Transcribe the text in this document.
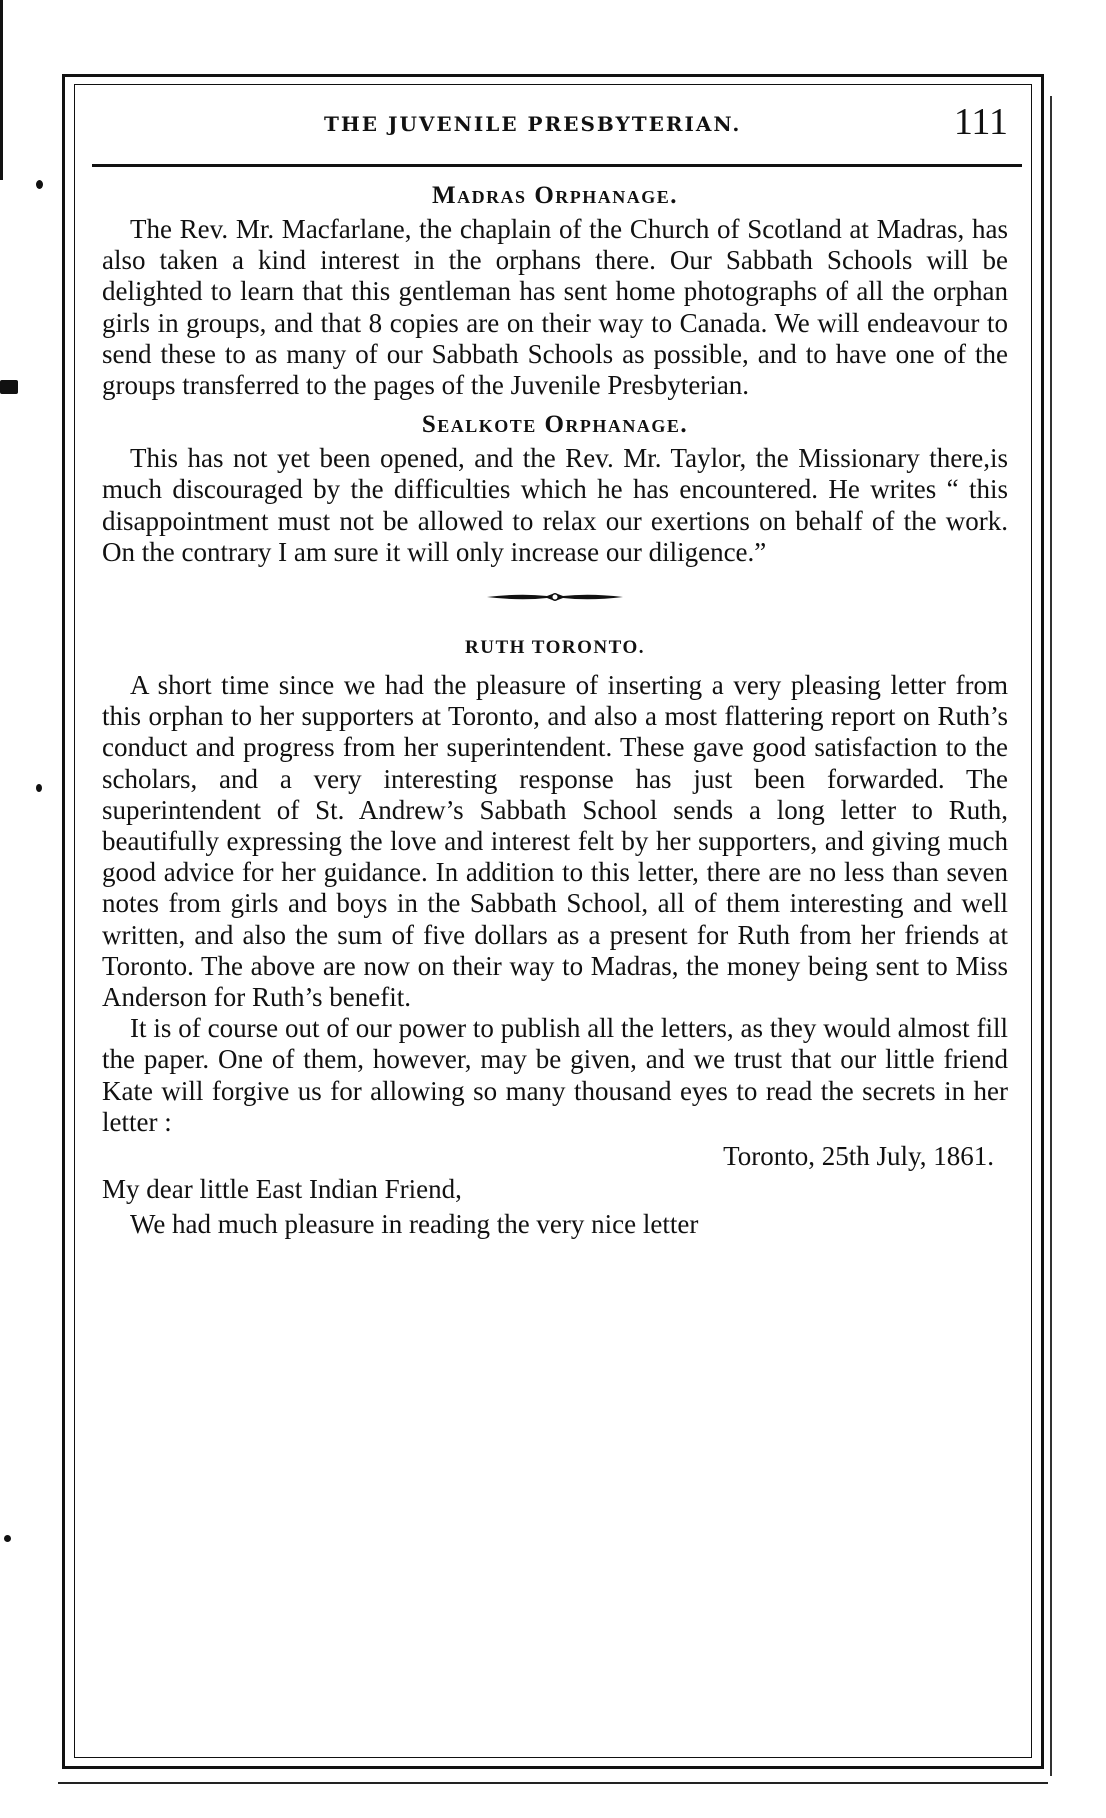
THE JUVENILE PRESBYTERIAN.	111
Madras Orphanage.

The Rev. Mr. Macfarlane, the chaplain of the Church of Scotland at Madras, has also taken a kind interest in the orphans there. Our Sabbath Schools will be delighted to learn that this gentleman has sent home photographs of all the orphan girls in groups, and that 8 copies are on their way to Canada. We will endeavour to send these to as many of our Sabbath Schools as possible, and to have one of the groups transferred to the pages of the Juvenile Presbyterian.

Sealkote Orphanage.

This has not yet been opened, and the Rev. Mr. Taylor, the Missionary there,is much discouraged by the difficulties which he has encountered. He writes “ this disappointment must not be allowed to relax our exertions on behalf of the work. On the contrary I am sure it will only increase our diligence.”

RUTH TORONTO.

A short time since we had the pleasure of inserting a very pleasing letter from this orphan to her supporters at Toronto, and also a most flattering report on Ruth’s conduct and progress from her superintendent. These gave good satisfaction to the scholars, and a very interesting response has just been forwarded. The superintendent of St. Andrew’s Sabbath School sends a long letter to Ruth, beautifully expressing the love and interest felt by her supporters, and giving much good advice for her guidance. In addition to this letter, there are no less than seven notes from girls and boys in the Sabbath School, all of them interesting and well written, and also the sum of five dollars as a present for Ruth from her friends at Toronto. The above are now on their way to Madras, the money being sent to Miss Anderson for Ruth’s benefit.

It is of course out of our power to publish all the letters, as they would almost fill the paper. One of them, however, may be given, and we trust that our little friend Kate will forgive us for allowing so many thousand eyes to read the secrets in her letter :

Toronto, 25th July, 1861.

My dear little East Indian Friend,

We had much pleasure in reading the very nice letter
